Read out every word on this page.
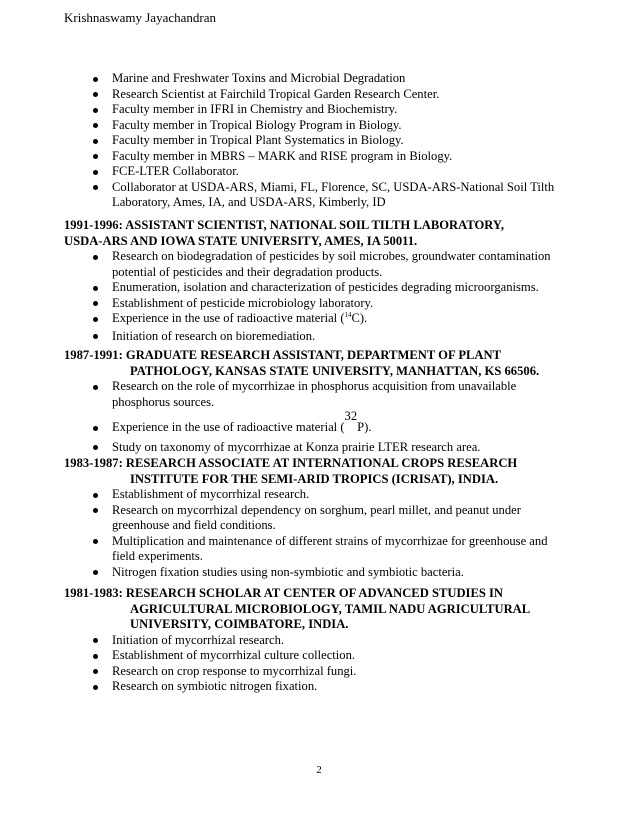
Krishnaswamy Jayachandran
Marine and Freshwater Toxins and Microbial Degradation
Research Scientist at Fairchild Tropical Garden Research Center.
Faculty member in IFRI in Chemistry and Biochemistry.
Faculty member in Tropical Biology Program in Biology.
Faculty member in Tropical Plant Systematics in Biology.
Faculty member in MBRS – MARK and RISE program in Biology.
FCE-LTER Collaborator.
Collaborator at USDA-ARS, Miami, FL, Florence, SC, USDA-ARS-National Soil Tilth Laboratory, Ames, IA, and USDA-ARS, Kimberly, ID
1991-1996: ASSISTANT SCIENTIST, NATIONAL SOIL TILTH LABORATORY,
USDA-ARS AND IOWA STATE UNIVERSITY, AMES, IA 50011.
Research on biodegradation of pesticides by soil microbes, groundwater contamination potential of pesticides and their degradation products.
Enumeration, isolation and characterization of pesticides degrading microorganisms.
Establishment of pesticide microbiology laboratory.
Experience in the use of radioactive material ($^{14}$C).
Initiation of research on bioremediation.
1987-1991: GRADUATE RESEARCH ASSISTANT, DEPARTMENT OF PLANT
PATHOLOGY, KANSAS STATE UNIVERSITY, MANHATTAN, KS 66506.
Research on the role of mycorrhizae in phosphorus acquisition from unavailable phosphorus sources.
Experience in the use of radioactive material (32P).
Study on taxonomy of mycorrhizae at Konza prairie LTER research area.
1983-1987: RESEARCH ASSOCIATE AT INTERNATIONAL CROPS RESEARCH
INSTITUTE FOR THE SEMI-ARID TROPICS (ICRISAT), INDIA.
Establishment of mycorrhizal research.
Research on mycorrhizal dependency on sorghum, pearl millet, and peanut under greenhouse and field conditions.
Multiplication and maintenance of different strains of mycorrhizae for greenhouse and field experiments.
Nitrogen fixation studies using non-symbiotic and symbiotic bacteria.
1981-1983: RESEARCH SCHOLAR AT CENTER OF ADVANCED STUDIES IN
AGRICULTURAL MICROBIOLOGY, TAMIL NADU AGRICULTURAL
UNIVERSITY, COIMBATORE, INDIA.
Initiation of mycorrhizal research.
Establishment of mycorrhizal culture collection.
Research on crop response to mycorrhizal fungi.
Research on symbiotic nitrogen fixation.
2
